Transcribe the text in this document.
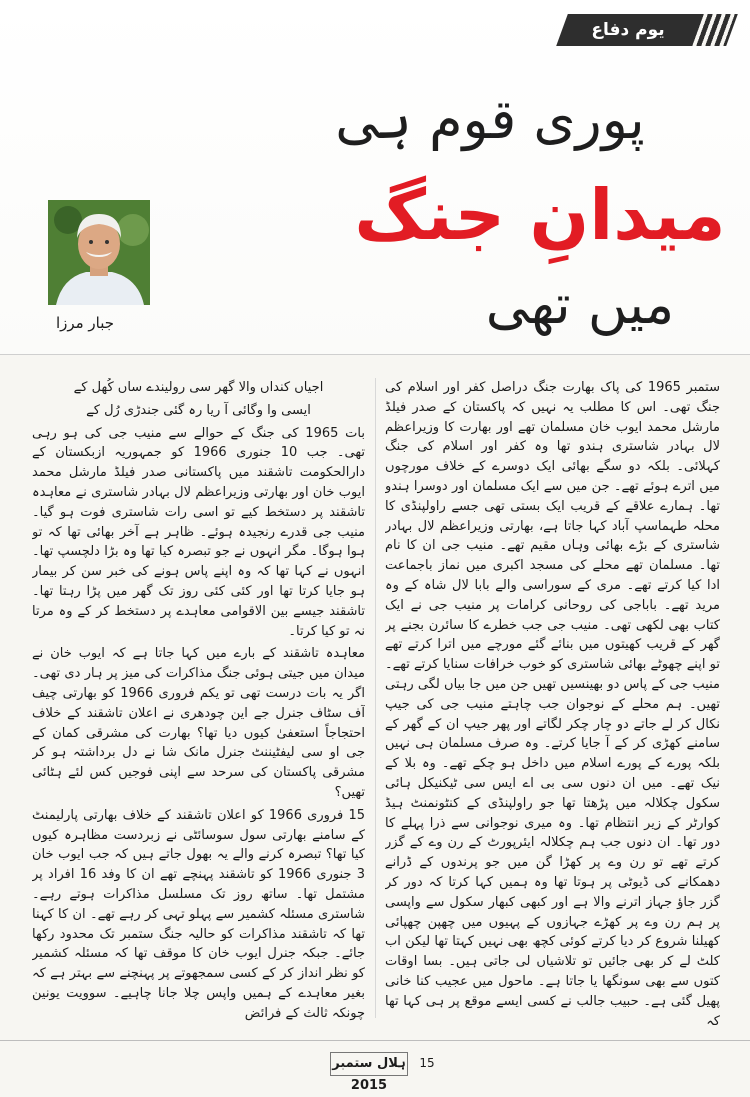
یوم دفاع
پوری قوم ہی
میدانِ جنگ
میں تھی
جبار مرزا

ستمبر 1965 کی پاک بھارت جنگ دراصل کفر اور اسلام کی جنگ تھی۔ اس کا مطلب یہ نہیں کہ پاکستان کے صدر فیلڈ مارشل محمد ایوب خان مسلمان تھے اور بھارت کا وزیراعظم لال بہادر شاستری ہندو تھا وہ کفر اور اسلام کی جنگ کہلائی۔ بلکہ دو سگے بھائی ایک دوسرے کے خلاف مورچوں میں اترے ہوئے تھے۔ جن میں سے ایک مسلمان اور دوسرا ہندو تھا۔ ہمارے علاقے کے قریب ایک بستی تھی جسے راولپنڈی کا محلہ طہماسپ آباد کہا جاتا ہے، بھارتی وزیراعظم لال بہادر شاستری کے بڑے بھائی وہاں مقیم تھے۔ منیب جی ان کا نام تھا۔ مسلمان تھے محلے کی مسجد اکبری میں نماز باجماعت ادا کیا کرتے تھے۔ مری کے سوراسی والے بابا لال شاہ کے وہ مرید تھے۔ باباجی کی روحانی کرامات پر منیب جی نے ایک کتاب بھی لکھی تھی۔ منیب جی جب خطرے کا سائرن بجنے پر گھر کے قریب کھیتوں میں بنائے گئے مورچے میں اترا کرتے تھے تو اپنے چھوٹے بھائی شاستری کو خوب خرافات سنایا کرتے تھے۔ منیب جی کے پاس دو بھینسیں تھیں جن میں جا بیاں لگی رہتی تھیں۔ ہم محلے کے نوجوان جب چاہتے منیب جی کی جیپ نکال کر لے جاتے دو چار چکر لگاتے اور پھر جیپ ان کے گھر کے سامنے کھڑی کر کے آ جایا کرتے۔ وہ صرف مسلمان ہی نہیں بلکہ پورے کے پورے اسلام میں داخل ہو چکے تھے۔ وہ بلا کے نیک تھے۔ میں ان دنوں سی بی اے ایس سی ٹیکنیکل ہائی سکول چکلالہ میں پڑھتا تھا جو راولپنڈی کے کنٹونمنٹ ہیڈ کوارٹر کے زیر انتظام تھا۔ وہ میری نوجوانی سے ذرا پہلے کا دور تھا۔ ان دنوں جب ہم چکلالہ ایئرپورٹ کے رن وے کے گزر کرتے تھے تو رن وے پر کھڑا گن میں جو پرندوں کے ڈرانے دھمکانے کی ڈیوٹی پر ہوتا تھا وہ ہمیں کہا کرتا کہ دور کر گزر جاؤ جہاز اترنے والا ہے اور کبھی کبھار سکول سے واپسی پر ہم رن وے پر کھڑے جہازوں کے پہیوں میں چھپن چھپائی کھیلنا شروع کر دیا کرتے کوئی کچھ بھی نہیں کہتا تھا لیکن اب کلٹ لے کر بھی جائیں تو تلاشیاں لی جاتی ہیں۔ بسا اوقات کتوں سے بھی سونگھا یا جاتا ہے۔ ماحول میں عجیب کنا خانی پھیل گئی ہے۔ حبیب جالب نے کسی ایسے موقع پر ہی کہا تھا کہ

اجیاں کنداں والا گھر سی رولیندے ساں کُھل کے

ایسی وا وگائی آ ریا رہ گئی جندڑی رُل کے

بات 1965 کی جنگ کے حوالے سے منیب جی کی ہو رہی تھی۔ جب 10 جنوری 1966 کو جمہوریہ ازبکستان کے دارالحکومت تاشقند میں پاکستانی صدر فیلڈ مارشل محمد ایوب خان اور بھارتی وزیراعظم لال بہادر شاستری نے معاہدہ تاشقند پر دستخط کیے تو اسی رات شاستری فوت ہو گیا۔ منیب جی قدرے رنجیدہ ہوئے۔ ظاہر ہے آخر بھائی تھا کہ تو ہوا ہوگا۔ مگر انہوں نے جو تبصرہ کیا تھا وہ بڑا دلچسپ تھا۔ انہوں نے کہا تھا کہ وہ اپنے پاس ہونے کی خبر سن کر بیمار ہو جایا کرتا تھا اور کئی کئی روز تک گھر میں پڑا رہتا تھا۔ تاشقند جیسے بین الاقوامی معاہدے پر دستخط کر کے وہ مرتا نہ تو کیا کرتا۔

معاہدہ تاشقند کے بارے میں کہا جاتا ہے کہ ایوب خان نے میدان میں جیتی ہوئی جنگ مذاکرات کی میز پر ہار دی تھی۔ اگر یہ بات درست تھی تو یکم فروری 1966 کو بھارتی چیف آف سٹاف جنرل جے این چودھری نے اعلان تاشقند کے خلاف احتجاجاً استعفیٰ کیوں دیا تھا؟ بھارت کی مشرقی کمان کے جی او سی لیفٹیننٹ جنرل مانک شا نے دل برداشتہ ہو کر مشرقی پاکستان کی سرحد سے اپنی فوجیں کس لئے ہٹائی تھیں؟

15 فروری 1966 کو اعلان تاشقند کے خلاف بھارتی پارلیمنٹ کے سامنے بھارتی سول سوسائٹی نے زبردست مظاہرہ کیوں کیا تھا؟ تبصرہ کرنے والے یہ بھول جاتے ہیں کہ جب ایوب خان 3 جنوری 1966 کو تاشقند پہنچے تھے ان کا وفد 16 افراد پر مشتمل تھا۔ ساتھ روز تک مسلسل مذاکرات ہوتے رہے۔ شاستری مسئلہ کشمیر سے پہلو تہی کر رہے تھے۔ ان کا کہنا تھا کہ تاشقند مذاکرات کو حالیہ جنگ ستمبر تک محدود رکھا جائے۔ جبکہ جنرل ایوب خان کا موقف تھا کہ مسئلہ کشمیر کو نظر انداز کر کے کسی سمجھوتے پر پہنچنے سے بہتر ہے کہ بغیر معاہدے کے ہمیں واپس چلا جانا چاہیے۔ سوویت یونین چونکہ ثالث کے فرائض

ہلال ستمبر 2015
15
